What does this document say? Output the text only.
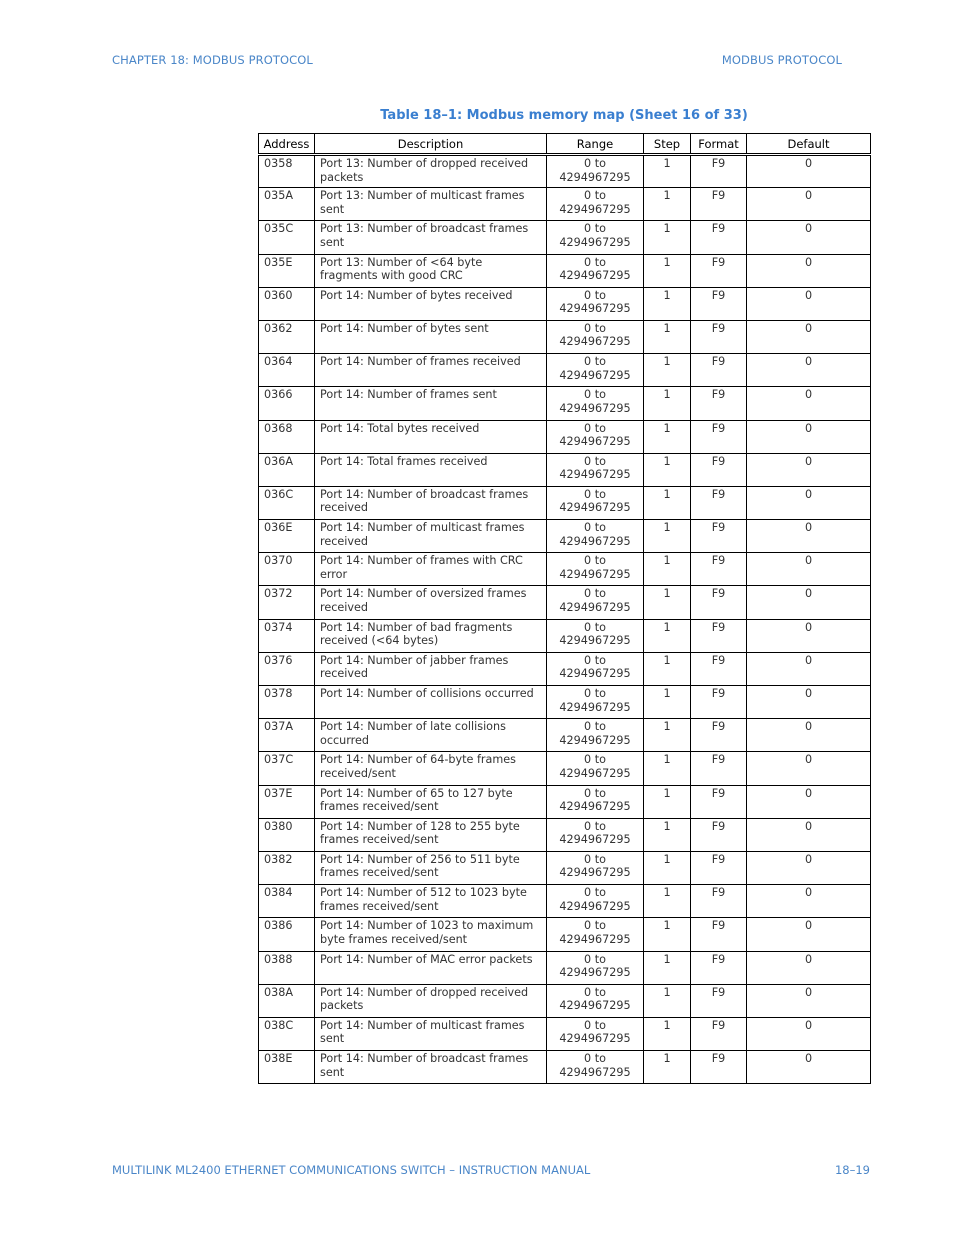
CHAPTER 18: MODBUS PROTOCOL	MODBUS PROTOCOL
Table 18–1: Modbus memory map (Sheet 16 of 33)
Address	Description	Range	Step	Format	Default
0358	Port 13: Number of dropped received packets	0 to 4294967295	1	F9	0
035A	Port 13: Number of multicast frames sent	0 to 4294967295	1	F9	0
035C	Port 13: Number of broadcast frames sent	0 to 4294967295	1	F9	0
035E	Port 13: Number of <64 byte fragments with good CRC	0 to 4294967295	1	F9	0
0360	Port 14: Number of bytes received	0 to 4294967295	1	F9	0
0362	Port 14: Number of bytes sent	0 to 4294967295	1	F9	0
0364	Port 14: Number of frames received	0 to 4294967295	1	F9	0
0366	Port 14: Number of frames sent	0 to 4294967295	1	F9	0
0368	Port 14: Total bytes received	0 to 4294967295	1	F9	0
036A	Port 14: Total frames received	0 to 4294967295	1	F9	0
036C	Port 14: Number of broadcast frames received	0 to 4294967295	1	F9	0
036E	Port 14: Number of multicast frames received	0 to 4294967295	1	F9	0
0370	Port 14: Number of frames with CRC error	0 to 4294967295	1	F9	0
0372	Port 14: Number of oversized frames received	0 to 4294967295	1	F9	0
0374	Port 14: Number of bad fragments received (<64 bytes)	0 to 4294967295	1	F9	0
0376	Port 14: Number of jabber frames received	0 to 4294967295	1	F9	0
0378	Port 14: Number of collisions occurred	0 to 4294967295	1	F9	0
037A	Port 14: Number of late collisions occurred	0 to 4294967295	1	F9	0
037C	Port 14: Number of 64-byte frames received/sent	0 to 4294967295	1	F9	0
037E	Port 14: Number of 65 to 127 byte frames received/sent	0 to 4294967295	1	F9	0
0380	Port 14: Number of 128 to 255 byte frames received/sent	0 to 4294967295	1	F9	0
0382	Port 14: Number of 256 to 511 byte frames received/sent	0 to 4294967295	1	F9	0
0384	Port 14: Number of 512 to 1023 byte frames received/sent	0 to 4294967295	1	F9	0
0386	Port 14: Number of 1023 to maximum byte frames received/sent	0 to 4294967295	1	F9	0
0388	Port 14: Number of MAC error packets	0 to 4294967295	1	F9	0
038A	Port 14: Number of dropped received packets	0 to 4294967295	1	F9	0
038C	Port 14: Number of multicast frames sent	0 to 4294967295	1	F9	0
038E	Port 14: Number of broadcast frames sent	0 to 4294967295	1	F9	0
MULTILINK ML2400 ETHERNET COMMUNICATIONS SWITCH – INSTRUCTION MANUAL	18–19
